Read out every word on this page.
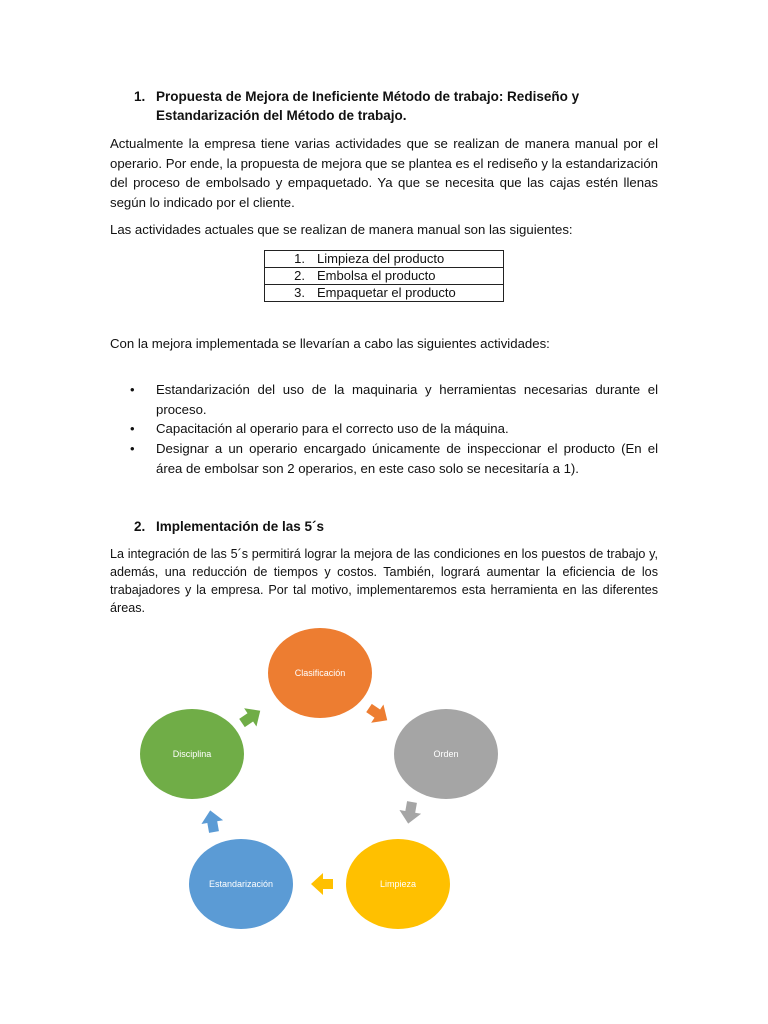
1. Propuesta de Mejora de Ineficiente Método de trabajo: Rediseño y
Estandarización del Método de trabajo.
Actualmente la empresa tiene varias actividades que se realizan de manera manual por el operario. Por ende, la propuesta de mejora que se plantea es el rediseño y la estandarización del proceso de embolsado y empaquetado. Ya que se necesita que las cajas estén llenas según lo indicado por el cliente.
Las actividades actuales que se realizan de manera manual son las siguientes:
1. Limpieza del producto
2. Embolsa el producto
3. Empaquetar el producto
Con la mejora implementada se llevarían a cabo las siguientes actividades:
• Estandarización del uso de la maquinaria y herramientas necesarias durante el proceso.
• Capacitación al operario para el correcto uso de la máquina.
• Designar a un operario encargado únicamente de inspeccionar el producto (En el área de embolsar son 2 operarios, en este caso solo se necesitaría a 1).
2. Implementación de las 5´s
La integración de las 5´s permitirá lograr la mejora de las condiciones en los puestos de trabajo y, además, una reducción de tiempos y costos. También, logrará aumentar la eficiencia de los trabajadores y la empresa. Por tal motivo, implementaremos esta herramienta en las diferentes áreas.
Clasificación
Orden
Limpieza
Estandarización
Disciplina
